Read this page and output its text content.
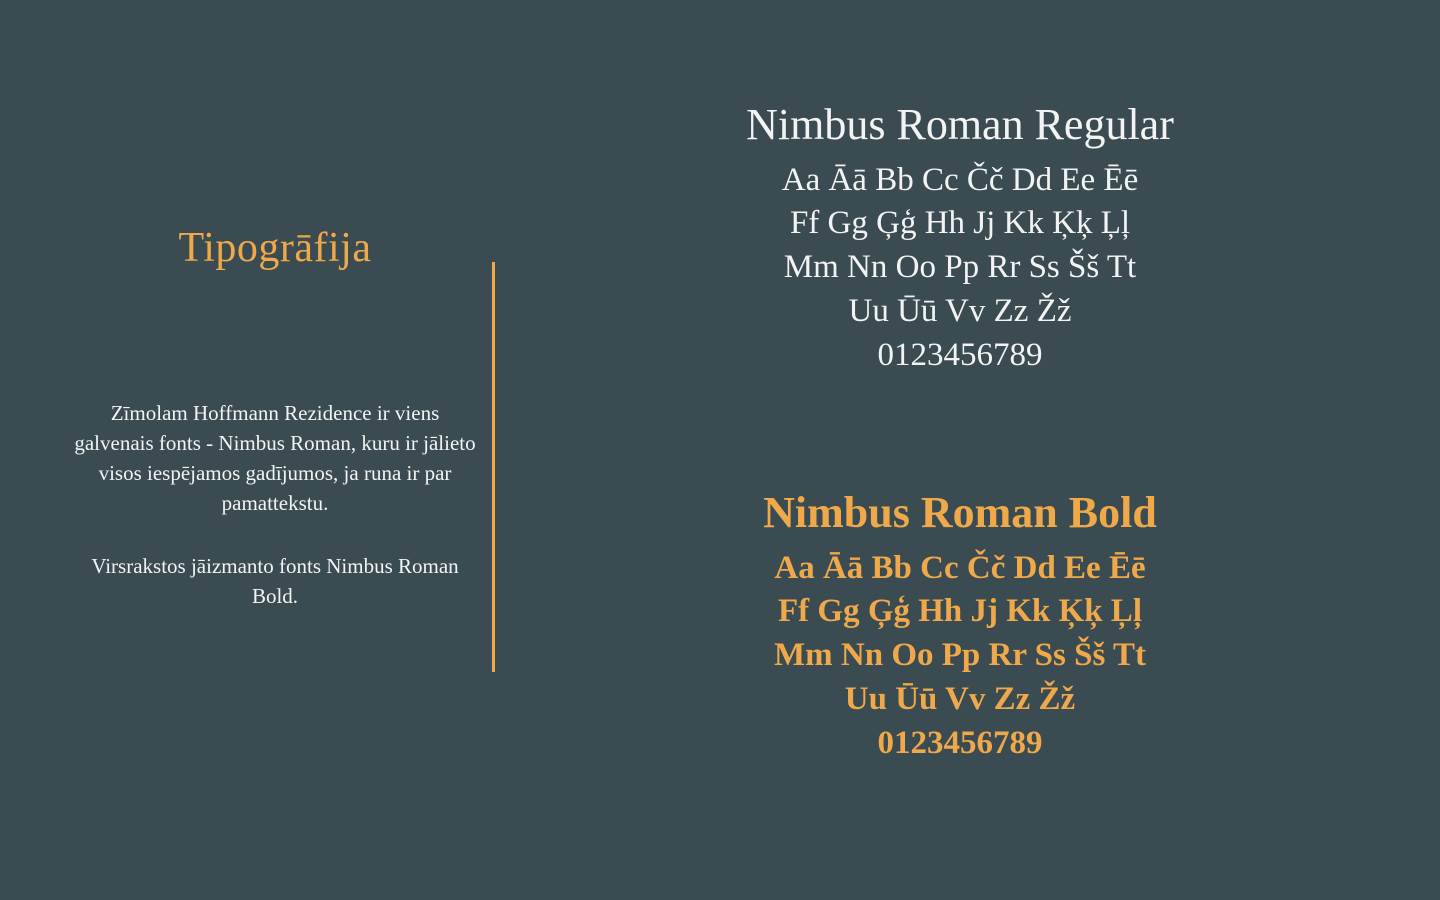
Tipogrāfija

Zīmolam Hoffmann Rezidence ir viens galvenais fonts - Nimbus Roman, kuru ir jālieto visos iespējamos gadījumos, ja runa ir par pamattekstu.

Virsrakstos jāizmanto fonts Nimbus Roman Bold.

Nimbus Roman Regular
Aa Āā Bb Cc Čč Dd Ee Ēē
Ff Gg Ģģ Hh Jj Kk Ķķ Ļļ
Mm Nn Oo Pp Rr Ss Šš Tt
Uu Ūū Vv Zz Žž
0123456789
Nimbus Roman Bold
Aa Āā Bb Cc Čč Dd Ee Ēē
Ff Gg Ģģ Hh Jj Kk Ķķ Ļļ
Mm Nn Oo Pp Rr Ss Šš Tt
Uu Ūū Vv Zz Žž
0123456789
